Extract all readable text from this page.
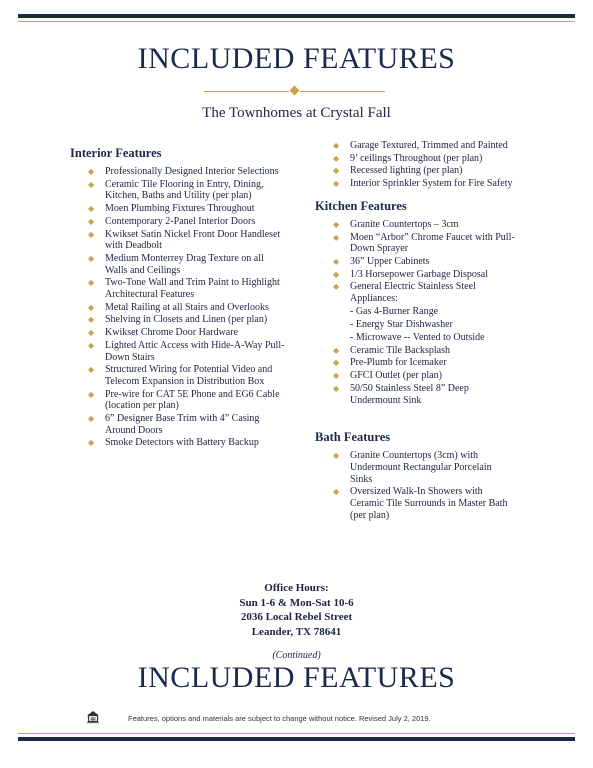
INCLUDED FEATURES
The Townhomes at Crystal Fall
Interior Features
◆ Professionally Designed Interior Selections
◆ Ceramic Tile Flooring in Entry, Dining, Kitchen, Baths and Utility (per plan)
◆ Moen Plumbing Fixtures Throughout
◆ Contemporary 2-Panel Interior Doors
◆ Kwikset Satin Nickel Front Door Handleset with Deadbolt
◆ Medium Monterrey Drag Texture on all Walls and Ceilings
◆ Two-Tone Wall and Trim Paint to Highlight Architectural Features
◆ Metal Railing at all Stairs and Overlooks
◆ Shelving in Closets and Linen (per plan)
◆ Kwikset Chrome Door Hardware
◆ Lighted Attic Access with Hide-A-Way Pull-Down Stairs
◆ Structured Wiring for Potential Video and Telecom Expansion in Distribution Box
◆ Pre-wire for CAT 5E Phone and EG6 Cable (location per plan)
◆ 6” Designer Base Trim with 4” Casing Around Doors
◆ Smoke Detectors with Battery Backup
◆ Garage Textured, Trimmed and Painted
◆ 9’ ceilings Throughout (per plan)
◆ Recessed lighting (per plan)
◆ Interior Sprinkler System for Fire Safety
Kitchen Features
◆ Granite Countertops – 3cm
◆ Moen “Arbor” Chrome Faucet with Pull-Down Sprayer
◆ 36” Upper Cabinets
◆ 1/3 Horsepower Garbage Disposal
◆ General Electric Stainless Steel Appliances:
- Gas 4-Burner Range
- Energy Star Dishwasher
- Microwave -- Vented to Outside
◆ Ceramic Tile Backsplash
◆ Pre-Plumb for Icemaker
◆ GFCI Outlet (per plan)
◆ 50/50 Stainless Steel 8” Deep Undermount Sink
Bath Features
◆ Granite Countertops (3cm) with Undermount Rectangular Porcelain Sinks
◆ Oversized Walk-In Showers with Ceramic Tile Surrounds in Master Bath (per plan)
Office Hours:
Sun 1-6 & Mon-Sat 10-6
2036 Local Rebel Street
Leander, TX 78641
(Continued)
INCLUDED FEATURES
Features, options and materials are subject to change without notice. Revised July 2, 2019.
